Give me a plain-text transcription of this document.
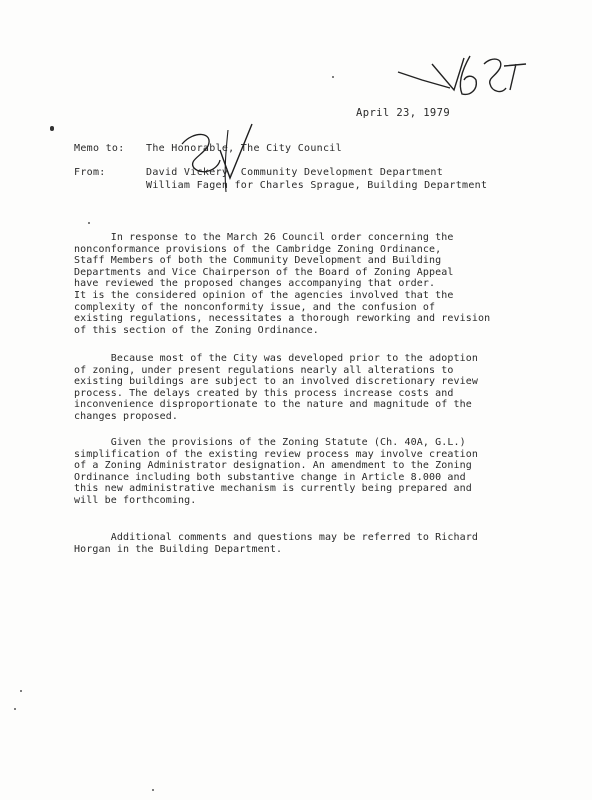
April 23, 1979
Memo to: The Honorable, The City Council
From:	David Vickery, Community Development Department
William Fagen for Charles Sprague, Building Department
In response to the March 26 Council order concerning the
nonconformance provisions of the Cambridge Zoning Ordinance,
Staff Members of both the Community Development and Building
Departments and Vice Chairperson of the Board of Zoning Appeal
have reviewed the proposed changes accompanying that order.
It is the considered opinion of the agencies involved that the
complexity of the nonconformity issue, and the confusion of
existing regulations, necessitates a thorough reworking and revision
of this section of the Zoning Ordinance.
Because most of the City was developed prior to the adoption
of zoning, under present regulations nearly all alterations to
existing buildings are subject to an involved discretionary review
process. The delays created by this process increase costs and
inconvenience disproportionate to the nature and magnitude of the
changes proposed.
Given the provisions of the Zoning Statute (Ch. 40A, G.L.)
simplification of the existing review process may involve creation
of a Zoning Administrator designation. An amendment to the Zoning
Ordinance including both substantive change in Article 8.000 and
this new administrative mechanism is currently being prepared and
will be forthcoming.
Additional comments and questions may be referred to Richard
Horgan in the Building Department.
